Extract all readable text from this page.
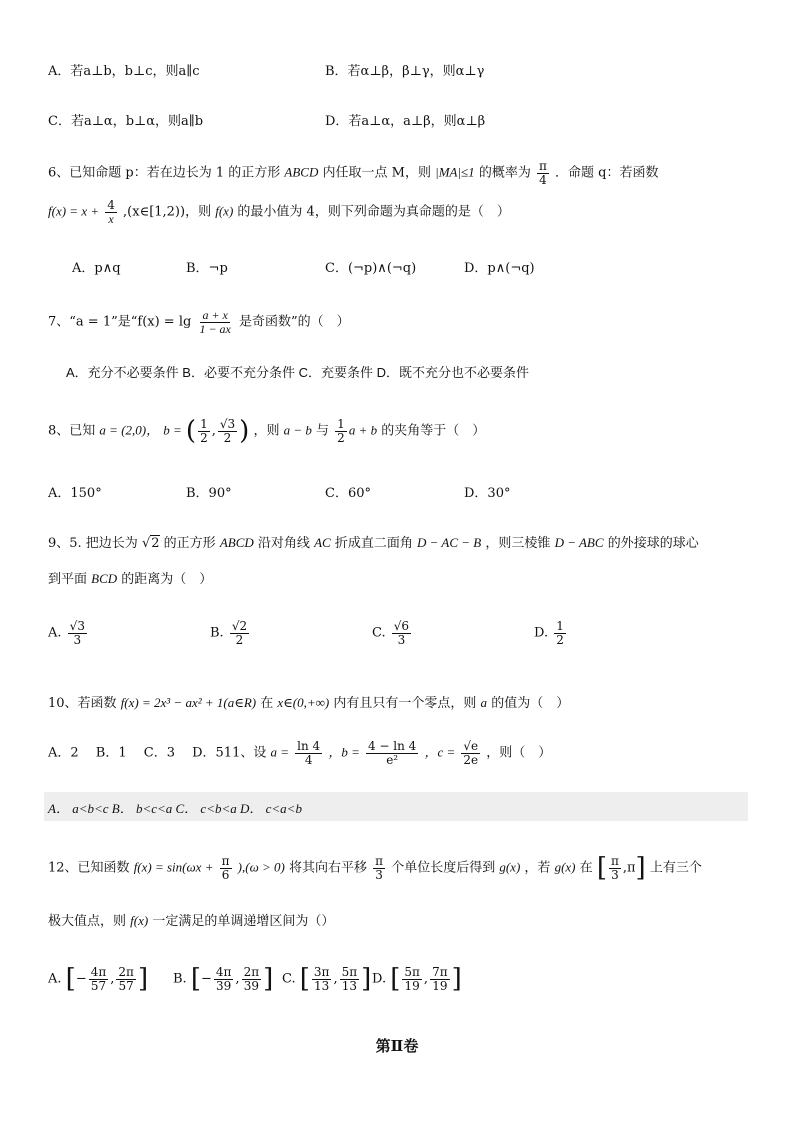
A．若a⊥b，b⊥c，则a∥c	B．若α⊥β，β⊥γ，则α⊥γ
C．若a⊥α，b⊥α，则a∥b	D．若a⊥α，a⊥β，则α⊥β
6、已知命题 p：若在边长为 1 的正方形 ABCD 内任取一点 M，则 |MA|≤1 的概率为 $\frac{\pi}{4}$ ．命题 q：若函数
$f(x) = x + \frac{4}{x}$ ,(x∈[1,2))，则 f(x) 的最小值为 4，则下列命题为真命题的是（　）
A．p∧q	B．¬p	C．(¬p)∧(¬q)	D．p∧(¬q)
7、“a = 1”是“$f(x) = \lg \frac{a + x}{1 - ax}$ 是奇函数”的（　）
A．充分不必要条件 B．必要不充分条件 C．充要条件 D．既不充分也不必要条件
8、已知 a = (2,0)， b = ( $\frac{1}{2}$ , $\frac{√3}{2}$ ) ，则 a − b 与 $\frac{1}{2}$ a + b 的夹角等于（　）
A．150°	B．90°	C．60°	D．30°
9、5. 把边长为 √2 的正方形 ABCD 沿对角线 AC 折成直二面角 D − AC − B ，则三棱锥 D − ABC 的外接球的球心
到平面 BCD 的距离为（　）
A. $\frac{√3}{3}$	B. $\frac{√2}{2}$	C. $\frac{√6}{3}$	D. $\frac{1}{2}$
10、若函数 f(x) = 2x³ − ax² + 1(a∈R) 在 x∈(0,+∞) 内有且只有一个零点，则 a 的值为（　）
A．2　 B．1　 C．3　 D．511、设 $a = \frac{\ln 4}{4}$ ，$b = \frac{4 - \ln 4}{\text{e²}}$ ，$c = \frac{√e}{2e}$ ，则（　）
A． a<b<c B． b<c<a C． c<b<a D． c<a<b
12、已知函数 $f(x) = \sin(\omega x + \frac{\pi}{6} ),(\omega > 0)$ 将其向右平移 $\frac{\pi}{3}$ 个单位长度后得到 g(x) ，若 g(x) 在 [ $\frac{\pi}{3} ,\pi$] 上有三个
极大值点，则 f(x) 一定满足的单调递增区间为（）
A. [− $\frac{4\pi}{57}$ , $\frac{2\pi}{57}$ ] B. [− $\frac{4\pi}{39}$ , $\frac{2\pi}{39}$ ] C. [ $\frac{3\pi}{13}$ , $\frac{5\pi}{13}$ ] D. [ $\frac{5\pi}{19}$ , $\frac{7\pi}{19}$ ]
第Ⅱ卷
